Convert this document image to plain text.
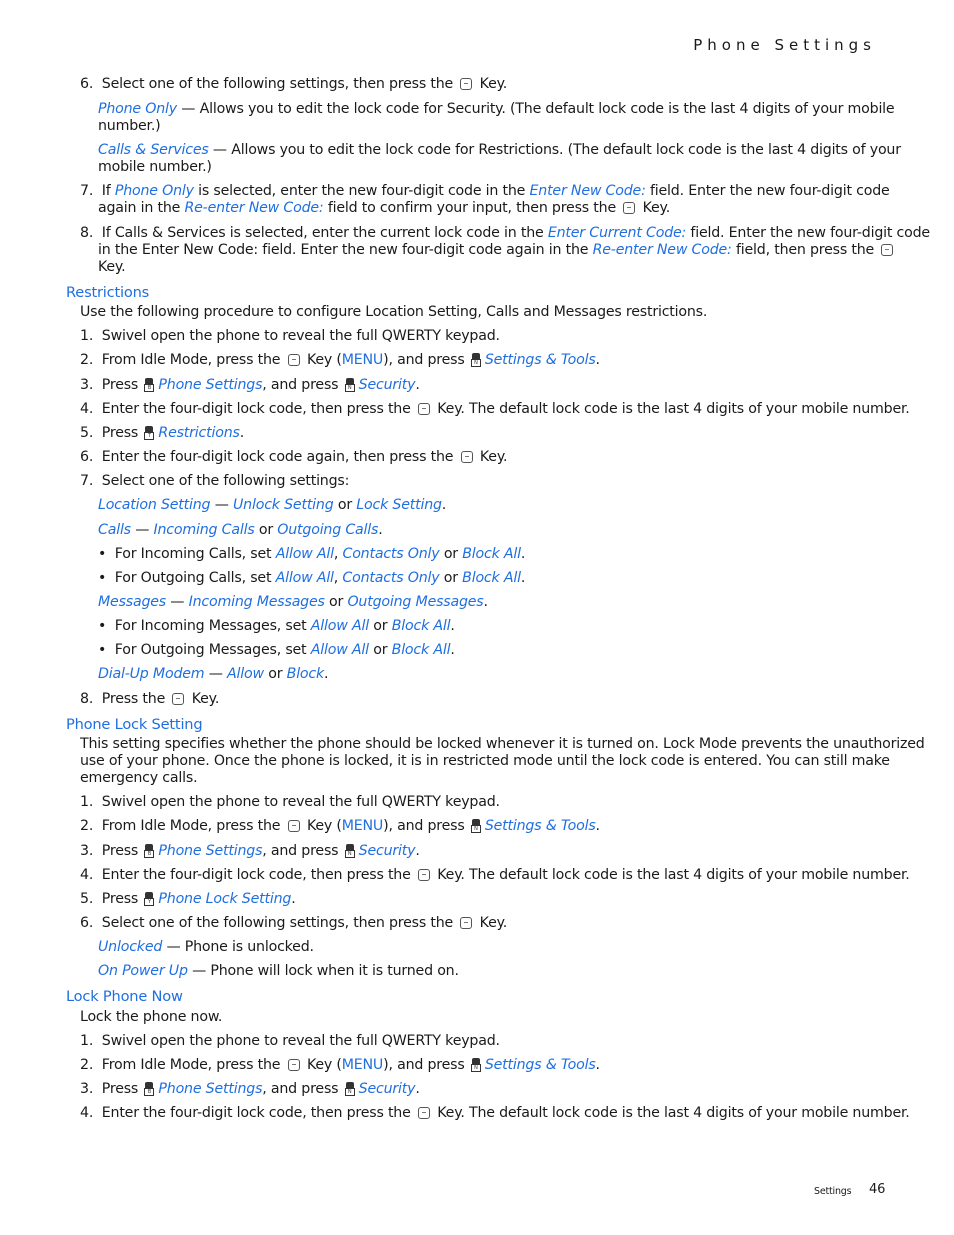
Phone Settings
6. Select one of the following settings, then press the Key.
Phone Only — Allows you to edit the lock code for Security. (The default lock code is the last 4 digits of your mobile
number.)
Calls & Services — Allows you to edit the lock code for Restrictions. (The default lock code is the last 4 digits of your
mobile number.)
7. If Phone Only is selected, enter the new four-digit code in the Enter New Code: field. Enter the new four-digit code
again in the Re-enter New Code: field to confirm your input, then press the Key.
8. If Calls & Services is selected, enter the current lock code in the Enter Current Code: field. Enter the new four-digit code
in the Enter New Code: field. Enter the new four-digit code again in the Re-enter New Code: field, then press the
Key.
Restrictions
Use the following procedure to configure Location Setting, Calls and Messages restrictions.
1. Swivel open the phone to reveal the full QWERTY keypad.
2. From Idle Mode, press the Key (MENU), and press	N Settings & Tools.
3. Press	B Phone Settings, and press	N Security.
4. Enter the four-digit lock code, then press the Key. The default lock code is the last 4 digits of your mobile number.
5. Press	T Restrictions.
6. Enter the four-digit lock code again, then press the Key.
7. Select one of the following settings:
Location Setting — Unlock Setting or Lock Setting.
Calls — Incoming Calls or Outgoing Calls.
• For Incoming Calls, set Allow All, Contacts Only or Block All.
• For Outgoing Calls, set Allow All, Contacts Only or Block All.
Messages — Incoming Messages or Outgoing Messages.
• For Incoming Messages, set Allow All or Block All.
• For Outgoing Messages, set Allow All or Block All.
Dial-Up Modem — Allow or Block.
8. Press the Key.
Phone Lock Setting
This setting specifies whether the phone should be locked whenever it is turned on. Lock Mode prevents the unauthorized
use of your phone. Once the phone is locked, it is in restricted mode until the lock code is entered. You can still make
emergency calls.
1. Swivel open the phone to reveal the full QWERTY keypad.
2. From Idle Mode, press the Key (MENU), and press	N Settings & Tools.
3. Press	B Phone Settings, and press	N Security.
4. Enter the four-digit lock code, then press the Key. The default lock code is the last 4 digits of your mobile number.
5. Press	Y Phone Lock Setting.
6. Select one of the following settings, then press the Key.
Unlocked — Phone is unlocked.
On Power Up — Phone will lock when it is turned on.
Lock Phone Now
Lock the phone now.
1. Swivel open the phone to reveal the full QWERTY keypad.
2. From Idle Mode, press the Key (MENU), and press	N Settings & Tools.
3. Press	B Phone Settings, and press	N Security.
4. Enter the four-digit lock code, then press the Key. The default lock code is the last 4 digits of your mobile number.
Settings 46
